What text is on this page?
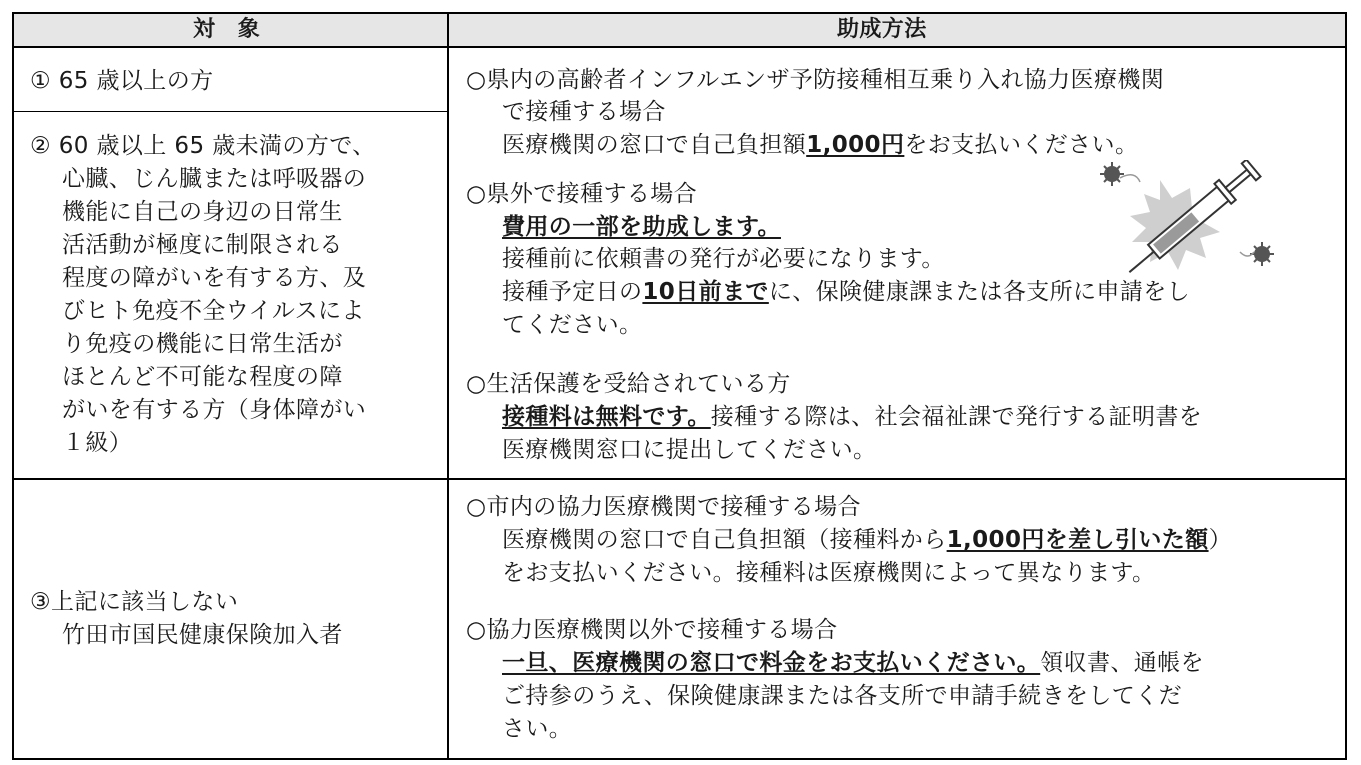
対　象	助成方法
① 65 歳以上の方
② 60 歳以上 65 歳未満の方で、
心臓、じん臓または呼吸器の
機能に自己の身辺の日常生
活活動が極度に制限される
程度の障がいを有する方、及
びヒト免疫不全ウイルスによ
り免疫の機能に日常生活が
ほとんど不可能な程度の障
がいを有する方（身体障がい
１級）
③上記に該当しない
竹田市国民健康保険加入者
○県内の高齢者インフルエンザ予防接種相互乗り入れ協力医療機関
で接種する場合
医療機関の窓口で自己負担額1,000円をお支払いください。
○県外で接種する場合
費用の一部を助成します。
接種前に依頼書の発行が必要になります。
接種予定日の10日前までに、保険健康課または各支所に申請をし
てください。
○生活保護を受給されている方
接種料は無料です。接種する際は、社会福祉課で発行する証明書を
医療機関窓口に提出してください。
○市内の協力医療機関で接種する場合
医療機関の窓口で自己負担額（接種料から1,000円を差し引いた額）
をお支払いください。接種料は医療機関によって異なります。
○協力医療機関以外で接種する場合
一旦、医療機関の窓口で料金をお支払いください。領収書、通帳を
ご持参のうえ、保険健康課または各支所で申請手続きをしてくだ
さい。
